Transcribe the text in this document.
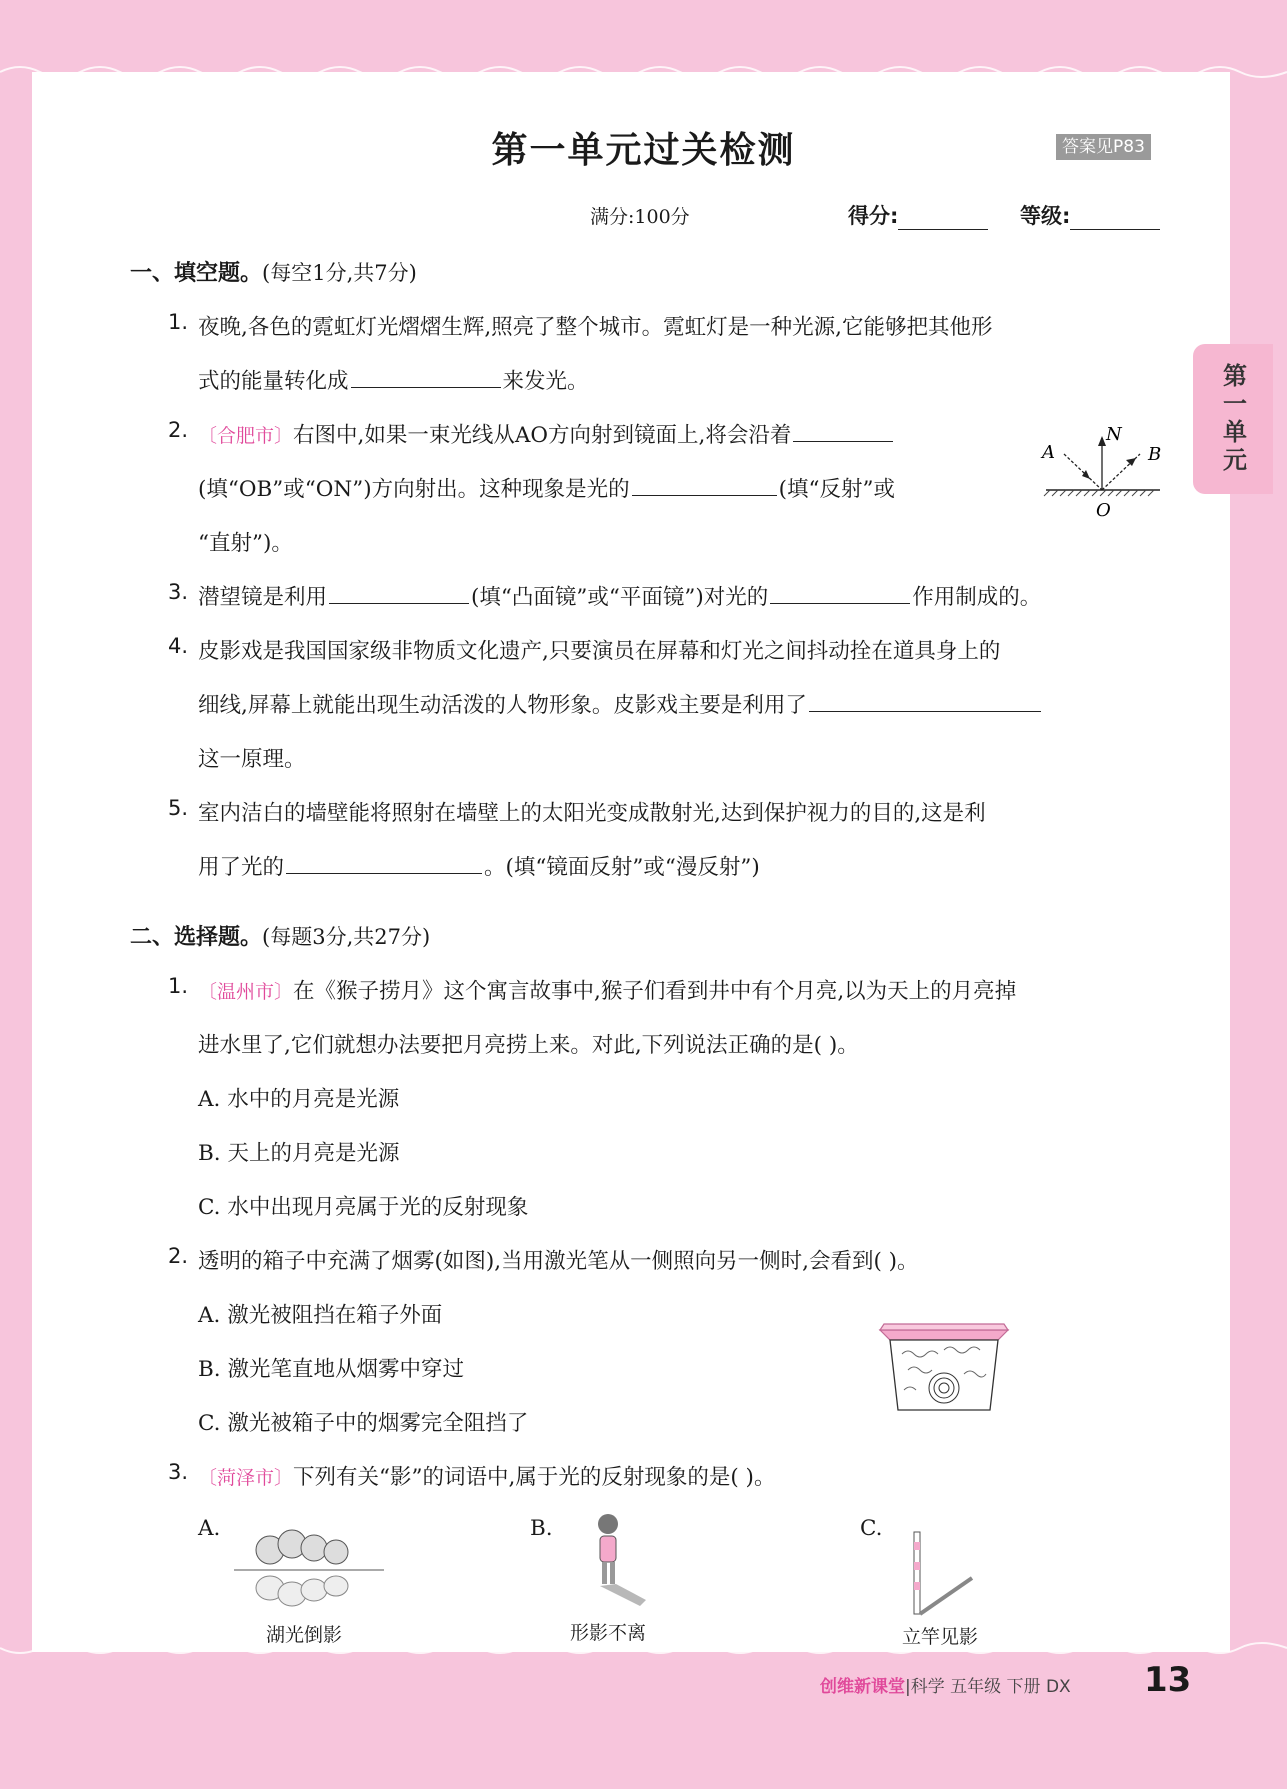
第一单元
第一单元过关检测	答案见P83
满分:100分	得分:	等级:
一、填空题。(每空1分,共7分)
1. 夜晚,各色的霓虹灯光熠熠生辉,照亮了整个城市。霓虹灯是一种光源,它能够把其他形
式的能量转化成	来发光。
2. 〔合肥市〕右图中,如果一束光线从AO方向射到镜面上,将会沿着
(填“OB”或“ON”)方向射出。这种现象是光的	(填“反射”或
“直射”)。
A
N
B
O
3. 潜望镜是利用	(填“凸面镜”或“平面镜”)对光的	作用制成的。
4. 皮影戏是我国国家级非物质文化遗产,只要演员在屏幕和灯光之间抖动拴在道具身上的
细线,屏幕上就能出现生动活泼的人物形象。皮影戏主要是利用了
这一原理。
5. 室内洁白的墙壁能将照射在墙壁上的太阳光变成散射光,达到保护视力的目的,这是利
用了光的	。(填“镜面反射”或“漫反射”)
二、选择题。(每题3分,共27分)
1. 〔温州市〕在《猴子捞月》这个寓言故事中,猴子们看到井中有个月亮,以为天上的月亮掉
进水里了,它们就想办法要把月亮捞上来。对此,下列说法正确的是( )。
A. 水中的月亮是光源
B. 天上的月亮是光源
C. 水中出现月亮属于光的反射现象
2. 透明的箱子中充满了烟雾(如图),当用激光笔从一侧照向另一侧时,会看到( )。
A. 激光被阻挡在箱子外面
B. 激光笔直地从烟雾中穿过
C. 激光被箱子中的烟雾完全阻挡了
3. 〔菏泽市〕下列有关“影”的词语中,属于光的反射现象的是( )。
A.
湖光倒影
B.
形影不离
C.
立竿见影
创维新课堂|科学 五年级 下册 DX 13
